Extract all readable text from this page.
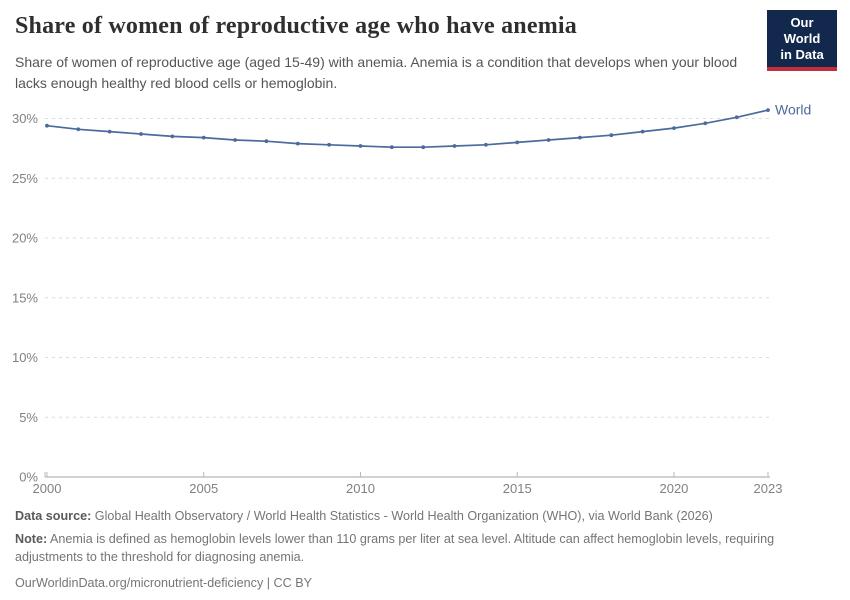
Share of women of reproductive age who have anemia	Our World
in Data

Share of women of reproductive age (aged 15-49) with anemia. Anemia is a condition that develops when your blood lacks enough healthy red blood cells or hemoglobin.

0%
5%
10%
15%
20%
25%
30%
2000	2005	2010	2015	2020	2023
World

Data source: Global Health Observatory / World Health Statistics - World Health Organization (WHO), via World Bank (2026)

Note: Anemia is defined as hemoglobin levels lower than 110 grams per liter at sea level. Altitude can affect hemoglobin levels, requiring adjustments to the threshold for diagnosing anemia.

OurWorldinData.org/micronutrient-deficiency | CC BY
